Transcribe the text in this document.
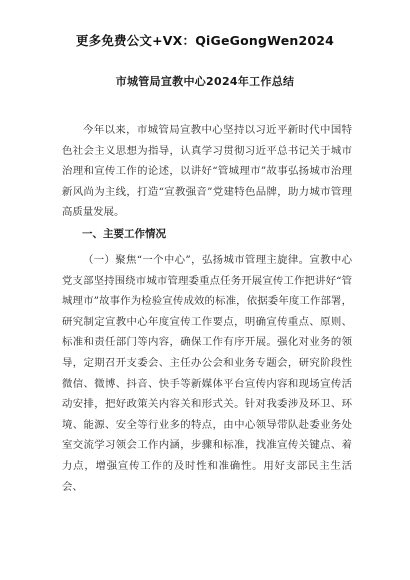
更多免费公文+VX：QiGeGongWen2024
市城管局宣教中心2024年工作总结

今年以来，市城管局宣教中心坚持以习近平新时代中国特色社会主义思想为指导，认真学习贯彻习近平总书记关于城市治理和宣传工作的论述，以讲好“管城理市”故事弘扬城市治理新风尚为主线，打造“宣教强音”党建特色品牌，助力城市管理高质量发展。

一、主要工作情况

（一）聚焦“一个中心”，弘扬城市管理主旋律。宣教中心党支部坚持围绕市城市管理委重点任务开展宣传工作把讲好“管城理市”故事作为检验宣传成效的标准，依据委年度工作部署，研究制定宣教中心年度宣传工作要点，明确宣传重点、原则、标准和责任部门等内容，确保工作有序开展。强化对业务的领导，定期召开支委会、主任办公会和业务专题会，研究阶段性微信、微博、抖音、快手等新媒体平台宣传内容和现场宣传活动安排，把好政策关内容关和形式关。针对我委涉及环卫、环境、能源、安全等行业多的特点，由中心领导带队赴委业务处室交流学习领会工作内涵，步骤和标准，找准宣传关键点、着力点，增强宣传工作的及时性和准确性。用好支部民主生活会、
